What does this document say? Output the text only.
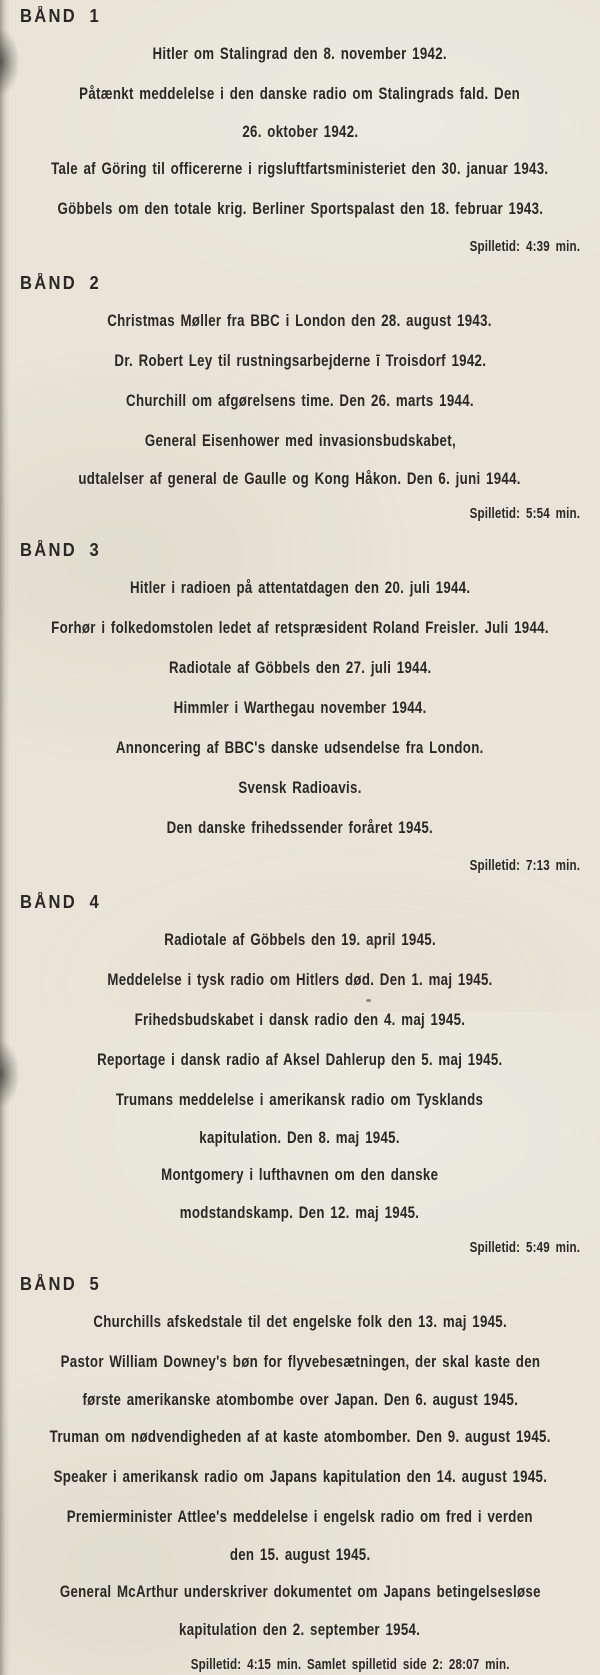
BÅND 1

Hitler om Stalingrad den 8. november 1942.

Påtænkt meddelelse i den danske radio om Stalingrads fald. Den

26. oktober 1942.

Tale af Göring til officererne i rigsluftfartsministeriet den 30. januar 1943.

Göbbels om den totale krig. Berliner Sportspalast den 18. februar 1943.

Spilletid: 4:39 min.

BÅND 2

Christmas Møller fra BBC i London den 28. august 1943.

Dr. Robert Ley til rustningsarbejderne ī Troisdorf 1942.

Churchill om afgørelsens time. Den 26. marts 1944.

General Eisenhower med invasionsbudskabet,

udtalelser af general de Gaulle og Kong Håkon. Den 6. juni 1944.

Spilletid: 5:54 min.

BÅND 3

Hitler i radioen på attentatdagen den 20. juli 1944.

Forhør i folkedomstolen ledet af retspræsident Roland Freisler. Juli 1944.

Radiotale af Göbbels den 27. juli 1944.

Himmler i Warthegau november 1944.

Annoncering af BBC's danske udsendelse fra London.

Svensk Radioavis.

Den danske frihedssender foråret 1945.

Spilletid: 7:13 min.

BÅND 4

Radiotale af Göbbels den 19. april 1945.

Meddelelse i tysk radio om Hitlers død. Den 1. maj 1945.

Frihedsbudskabet i dansk radio den 4. maj 1945.

Reportage i dansk radio af Aksel Dahlerup den 5. maj 1945.

Trumans meddelelse i amerikansk radio om Tysklands

kapitulation. Den 8. maj 1945.

Montgomery i lufthavnen om den danske

modstandskamp. Den 12. maj 1945.

Spilletid: 5:49 min.

BÅND 5

Churchills afskedstale til det engelske folk den 13. maj 1945.

Pastor William Downey's bøn for flyvebesætningen, der skal kaste den

første amerikanske atombombe over Japan. Den 6. august 1945.

Truman om nødvendigheden af at kaste atombomber. Den 9. august 1945.

Speaker i amerikansk radio om Japans kapitulation den 14. august 1945.

Premierminister Attlee's meddelelse i engelsk radio om fred i verden

den 15. august 1945.

General McArthur underskriver dokumentet om Japans betingelsesløse

kapitulation den 2. september 1954.

Spilletid: 4:15 min. Samlet spilletid side 2: 28:07 min.
